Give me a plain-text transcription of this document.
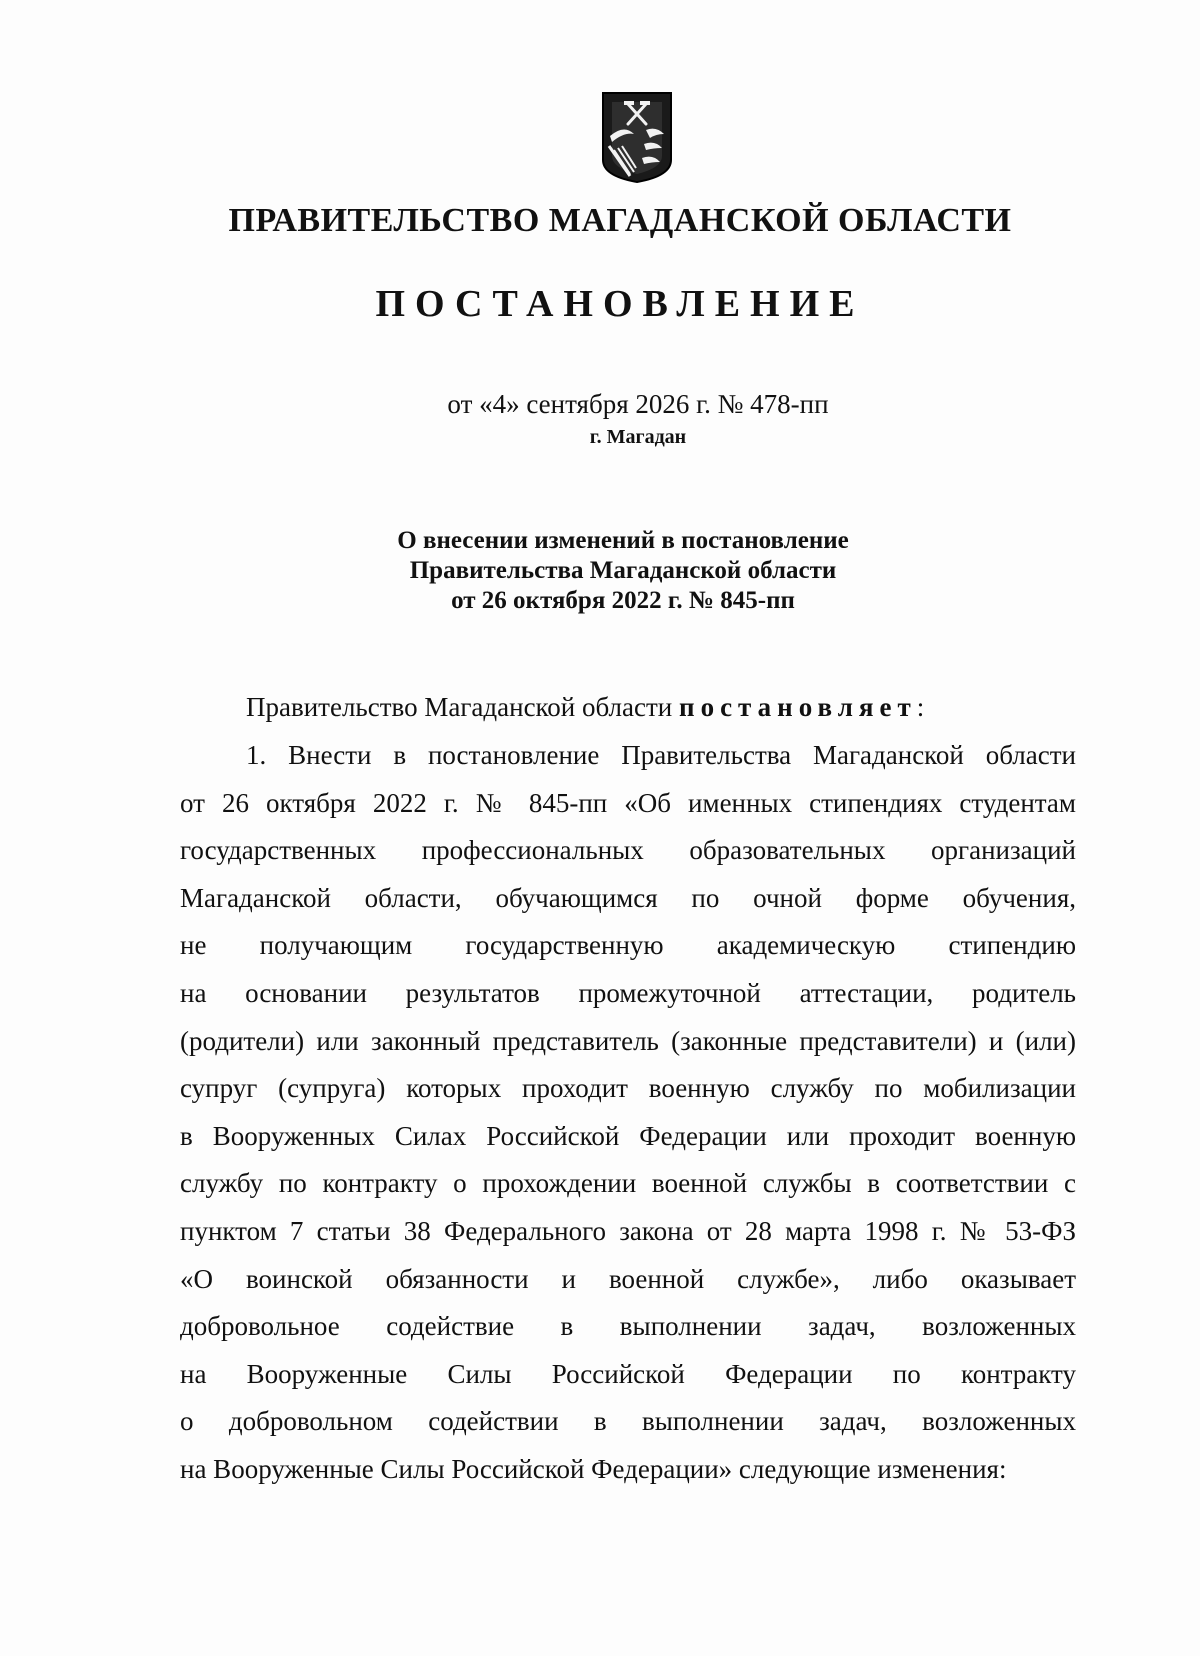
ПРАВИТЕЛЬСТВО МАГАДАНСКОЙ ОБЛАСТИ
ПОСТАНОВЛЕНИЕ
от «4» сентября 2026 г. № 478-пп
г. Магадан
О внесении изменений в постановление
Правительства Магаданской области
от 26 октября 2022 г. № 845-пп
Правительство Магаданской области постановляет:
1. Внести в постановление Правительства Магаданской области
от 26 октября 2022 г. № 845-пп «Об именных стипендиях студентам
государственных профессиональных образовательных организаций
Магаданской области, обучающимся по очной форме обучения,
не получающим государственную академическую стипендию
на основании результатов промежуточной аттестации, родитель
(родители) или законный представитель (законные представители) и (или)
супруг (супруга) которых проходит военную службу по мобилизации
в Вооруженных Силах Российской Федерации или проходит военную
службу по контракту о прохождении военной службы в соответствии с
пунктом 7 статьи 38 Федерального закона от 28 марта 1998 г. № 53-ФЗ
«О воинской обязанности и военной службе», либо оказывает
добровольное содействие в выполнении задач, возложенных
на Вооруженные Силы Российской Федерации по контракту
о добровольном содействии в выполнении задач, возложенных
на Вооруженные Силы Российской Федерации» следующие изменения:
